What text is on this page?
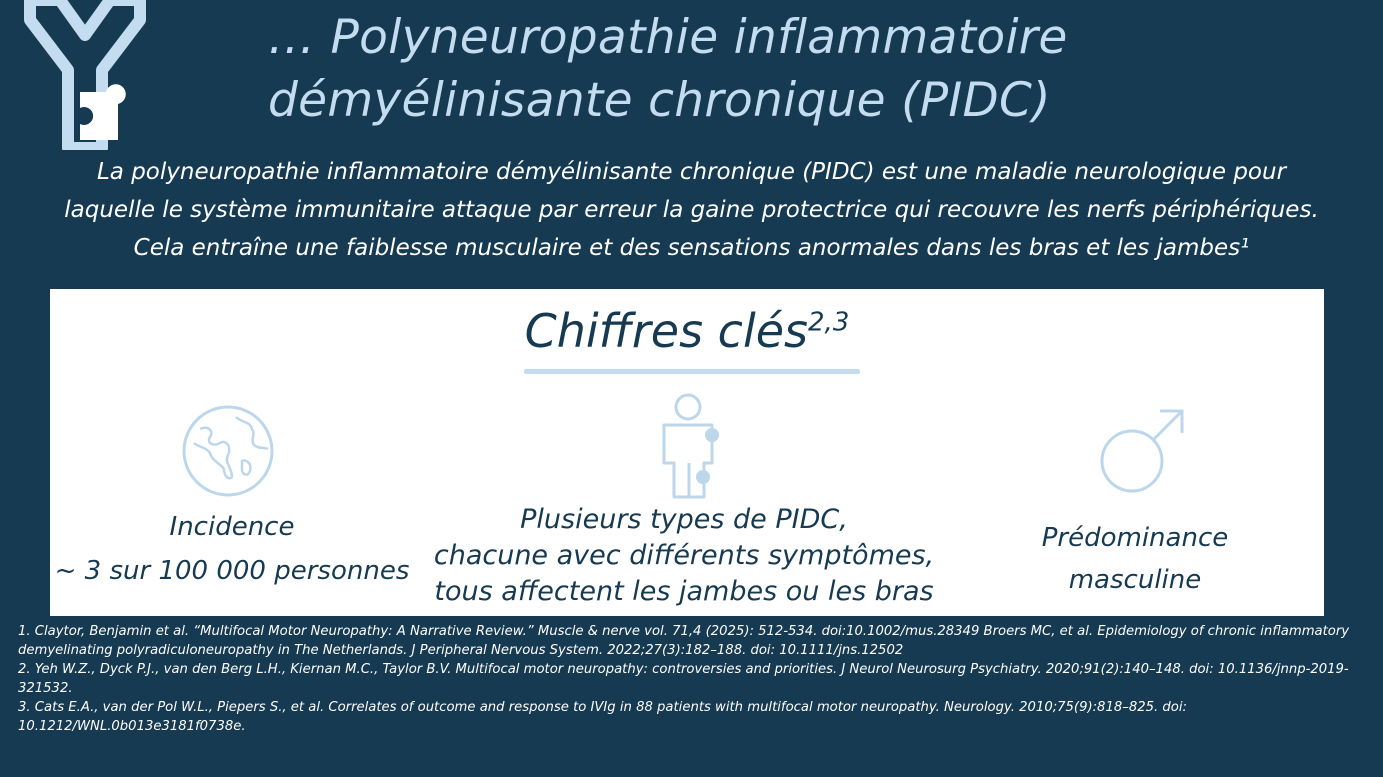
… Polyneuropathie inflammatoire
démyélinisante chronique (PIDC)
La polyneuropathie inflammatoire démyélinisante chronique (PIDC) est une maladie neurologique pour
laquelle le système immunitaire attaque par erreur la gaine protectrice qui recouvre les nerfs périphériques.
Cela entraîne une faiblesse musculaire et des sensations anormales dans les bras et les jambes¹
Chiffres clés$^{2,3}$
Incidence
~ 3 sur 100 000 personnes
Plusieurs types de PIDC,
chacune avec différents symptômes,
tous affectent les jambes ou les bras
Prédominance
masculine
1. Claytor, Benjamin et al. “Multifocal Motor Neuropathy: A Narrative Review.” Muscle & nerve vol. 71,4 (2025): 512-534. doi:10.1002/mus.28349 Broers MC, et al. Epidemiology of chronic inflammatory demyelinating polyradiculoneuropathy in The Netherlands. J Peripheral Nervous System. 2022;27(3):182–188. doi: 10.1111/jns.12502
2. Yeh W.Z., Dyck P.J., van den Berg L.H., Kiernan M.C., Taylor B.V. Multifocal motor neuropathy: controversies and priorities. J Neurol Neurosurg Psychiatry. 2020;91(2):140–148. doi: 10.1136/jnnp-2019-321532.
3. Cats E.A., van der Pol W.L., Piepers S., et al. Correlates of outcome and response to IVIg in 88 patients with multifocal motor neuropathy. Neurology. 2010;75(9):818–825. doi: 10.1212/WNL.0b013e3181f0738e.
